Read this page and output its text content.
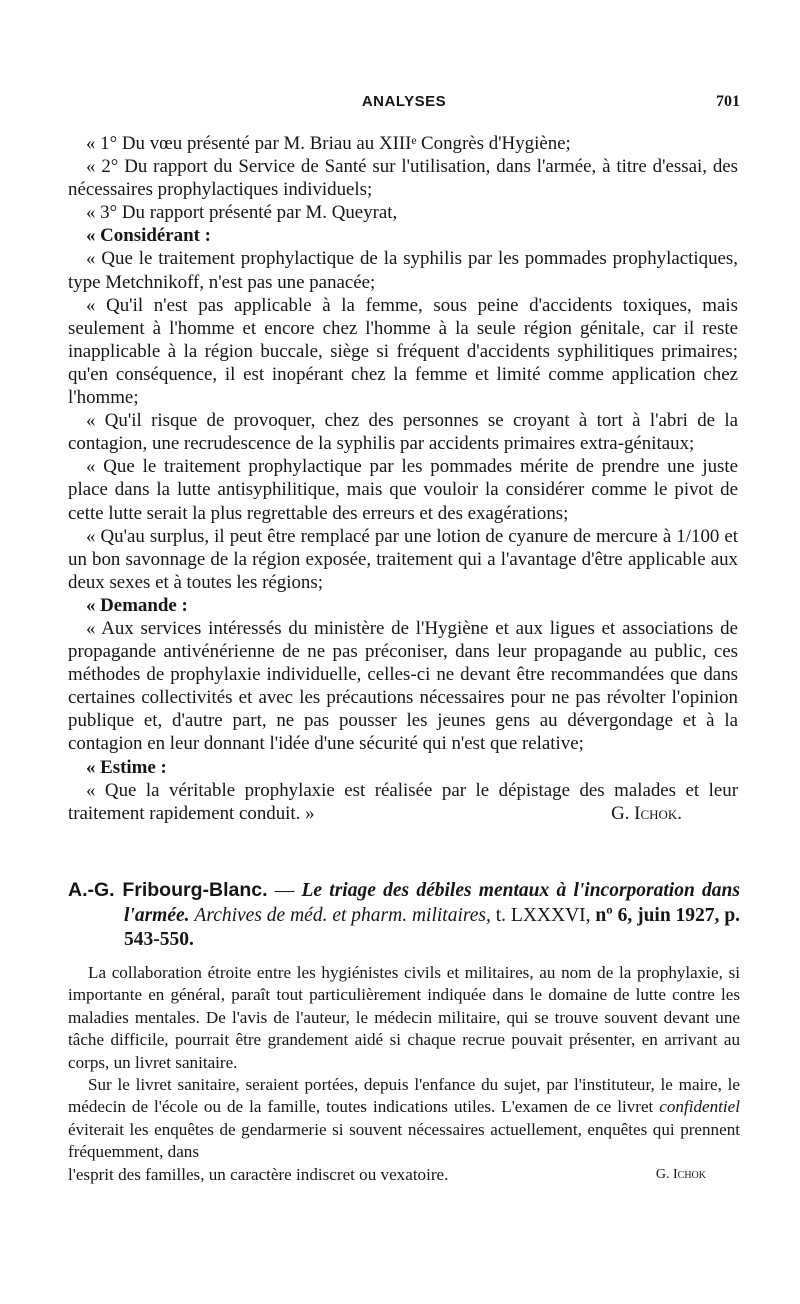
ANALYSES	701

« 1° Du vœu présenté par M. Briau au XIIIᵉ Congrès d'Hygiène;

« 2° Du rapport du Service de Santé sur l'utilisation, dans l'armée, à titre d'essai, des nécessaires prophylactiques individuels;

« 3° Du rapport présenté par M. Queyrat,

« Considérant :

« Que le traitement prophylactique de la syphilis par les pommades prophylactiques, type Metchnikoff, n'est pas une panacée;

« Qu'il n'est pas applicable à la femme, sous peine d'accidents toxiques, mais seulement à l'homme et encore chez l'homme à la seule région génitale, car il reste inapplicable à la région buccale, siège si fréquent d'accidents syphilitiques primaires; qu'en conséquence, il est inopérant chez la femme et limité comme application chez l'homme;

« Qu'il risque de provoquer, chez des personnes se croyant à tort à l'abri de la contagion, une recrudescence de la syphilis par accidents primaires extra-génitaux;

« Que le traitement prophylactique par les pommades mérite de prendre une juste place dans la lutte antisyphilitique, mais que vouloir la considérer comme le pivot de cette lutte serait la plus regrettable des erreurs et des exagérations;

« Qu'au surplus, il peut être remplacé par une lotion de cyanure de mercure à 1/100 et un bon savonnage de la région exposée, traitement qui a l'avantage d'être applicable aux deux sexes et à toutes les régions;

« Demande :

« Aux services intéressés du ministère de l'Hygiène et aux ligues et associations de propagande antivénérienne de ne pas préconiser, dans leur propagande au public, ces méthodes de prophylaxie individuelle, celles-ci ne devant être recommandées que dans certaines collectivités et avec les précautions nécessaires pour ne pas révolter l'opinion publique et, d'autre part, ne pas pousser les jeunes gens au dévergondage et à la contagion en leur donnant l'idée d'une sécurité qui n'est que relative;

« Estime :

« Que la véritable prophylaxie est réalisée par le dépistage des malades et leur traitement rapidement conduit. »	G. Ichok.

A.-G. Fribourg-Blanc. — Le triage des débiles mentaux à l'incorporation dans l'armée. Archives de méd. et pharm. militaires, t. LXXXVI, nº 6, juin 1927, p. 543-550.

La collaboration étroite entre les hygiénistes civils et militaires, au nom de la prophylaxie, si importante en général, paraît tout particulièrement indiquée dans le domaine de lutte contre les maladies mentales. De l'avis de l'auteur, le médecin militaire, qui se trouve souvent devant une tâche difficile, pourrait être grandement aidé si chaque recrue pouvait présenter, en arrivant au corps, un livret sanitaire.

Sur le livret sanitaire, seraient portées, depuis l'enfance du sujet, par l'instituteur, le maire, le médecin de l'école ou de la famille, toutes indications utiles. L'examen de ce livret confidentiel éviterait les enquêtes de gendarmerie si souvent nécessaires actuellement, enquêtes qui prennent fréquemment, dans

l'esprit des familles, un caractère indiscret ou vexatoire.	G. Ichok
